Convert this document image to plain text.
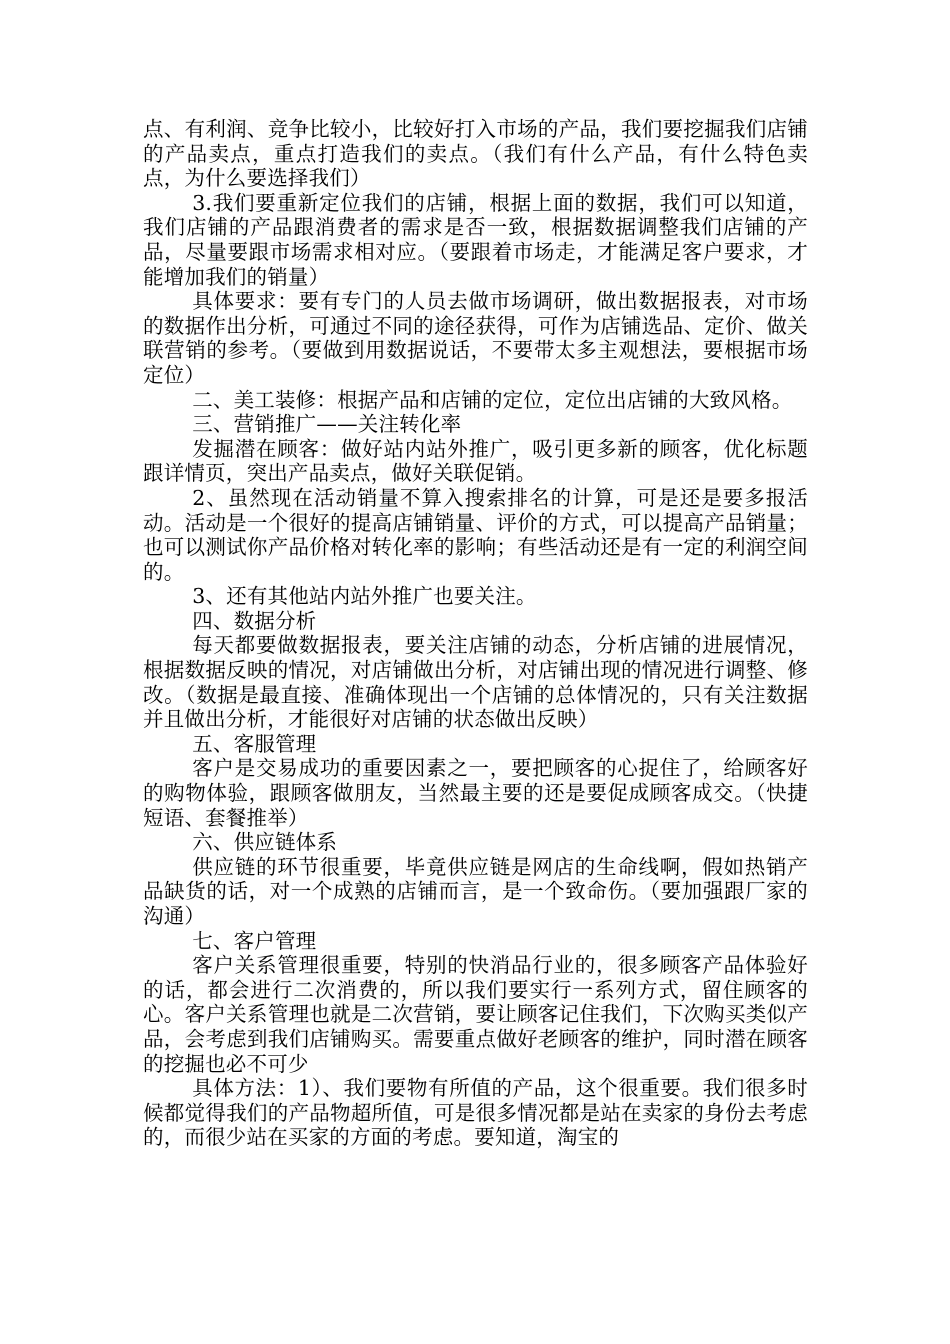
点、有利润、竞争比较小，比较好打入市场的产品，我们要挖掘我们店铺的产品卖点，重点打造我们的卖点。（我们有什么产品，有什么特色卖点，为什么要选择我们）

3.我们要重新定位我们的店铺，根据上面的数据，我们可以知道，我们店铺的产品跟消费者的需求是否一致，根据数据调整我们店铺的产品，尽量要跟市场需求相对应。（要跟着市场走，才能满足客户要求，才能增加我们的销量）

具体要求：要有专门的人员去做市场调研，做出数据报表，对市场的数据作出分析，可通过不同的途径获得，可作为店铺选品、定价、做关联营销的参考。（要做到用数据说话，不要带太多主观想法，要根据市场定位）

二、美工装修：根据产品和店铺的定位，定位出店铺的大致风格。

三、营销推广——关注转化率

发掘潜在顾客：做好站内站外推广，吸引更多新的顾客，优化标题跟详情页，突出产品卖点，做好关联促销。

2、虽然现在活动销量不算入搜索排名的计算，可是还是要多报活动。活动是一个很好的提高店铺销量、评价的方式，可以提高产品销量；也可以测试你产品价格对转化率的影响；有些活动还是有一定的利润空间的。

3、还有其他站内站外推广也要关注。

四、数据分析

每天都要做数据报表，要关注店铺的动态，分析店铺的进展情况，根据数据反映的情况，对店铺做出分析，对店铺出现的情况进行调整、修改。（数据是最直接、准确体现出一个店铺的总体情况的，只有关注数据并且做出分析，才能很好对店铺的状态做出反映）

五、客服管理

客户是交易成功的重要因素之一，要把顾客的心捉住了，给顾客好的购物体验，跟顾客做朋友，当然最主要的还是要促成顾客成交。（快捷短语、套餐推举）

六、供应链体系

供应链的环节很重要，毕竟供应链是网店的生命线啊，假如热销产品缺货的话，对一个成熟的店铺而言，是一个致命伤。（要加强跟厂家的沟通）

七、客户管理

客户关系管理很重要，特别的快消品行业的，很多顾客产品体验好的话，都会进行二次消费的，所以我们要实行一系列方式，留住顾客的心。客户关系管理也就是二次营销，要让顾客记住我们，下次购买类似产品，会考虑到我们店铺购买。需要重点做好老顾客的维护，同时潜在顾客的挖掘也必不可少

具体方法：1）、我们要物有所值的产品，这个很重要。我们很多时候都觉得我们的产品物超所值，可是很多情况都是站在卖家的身份去考虑的，而很少站在买家的方面的考虑。要知道，淘宝的
